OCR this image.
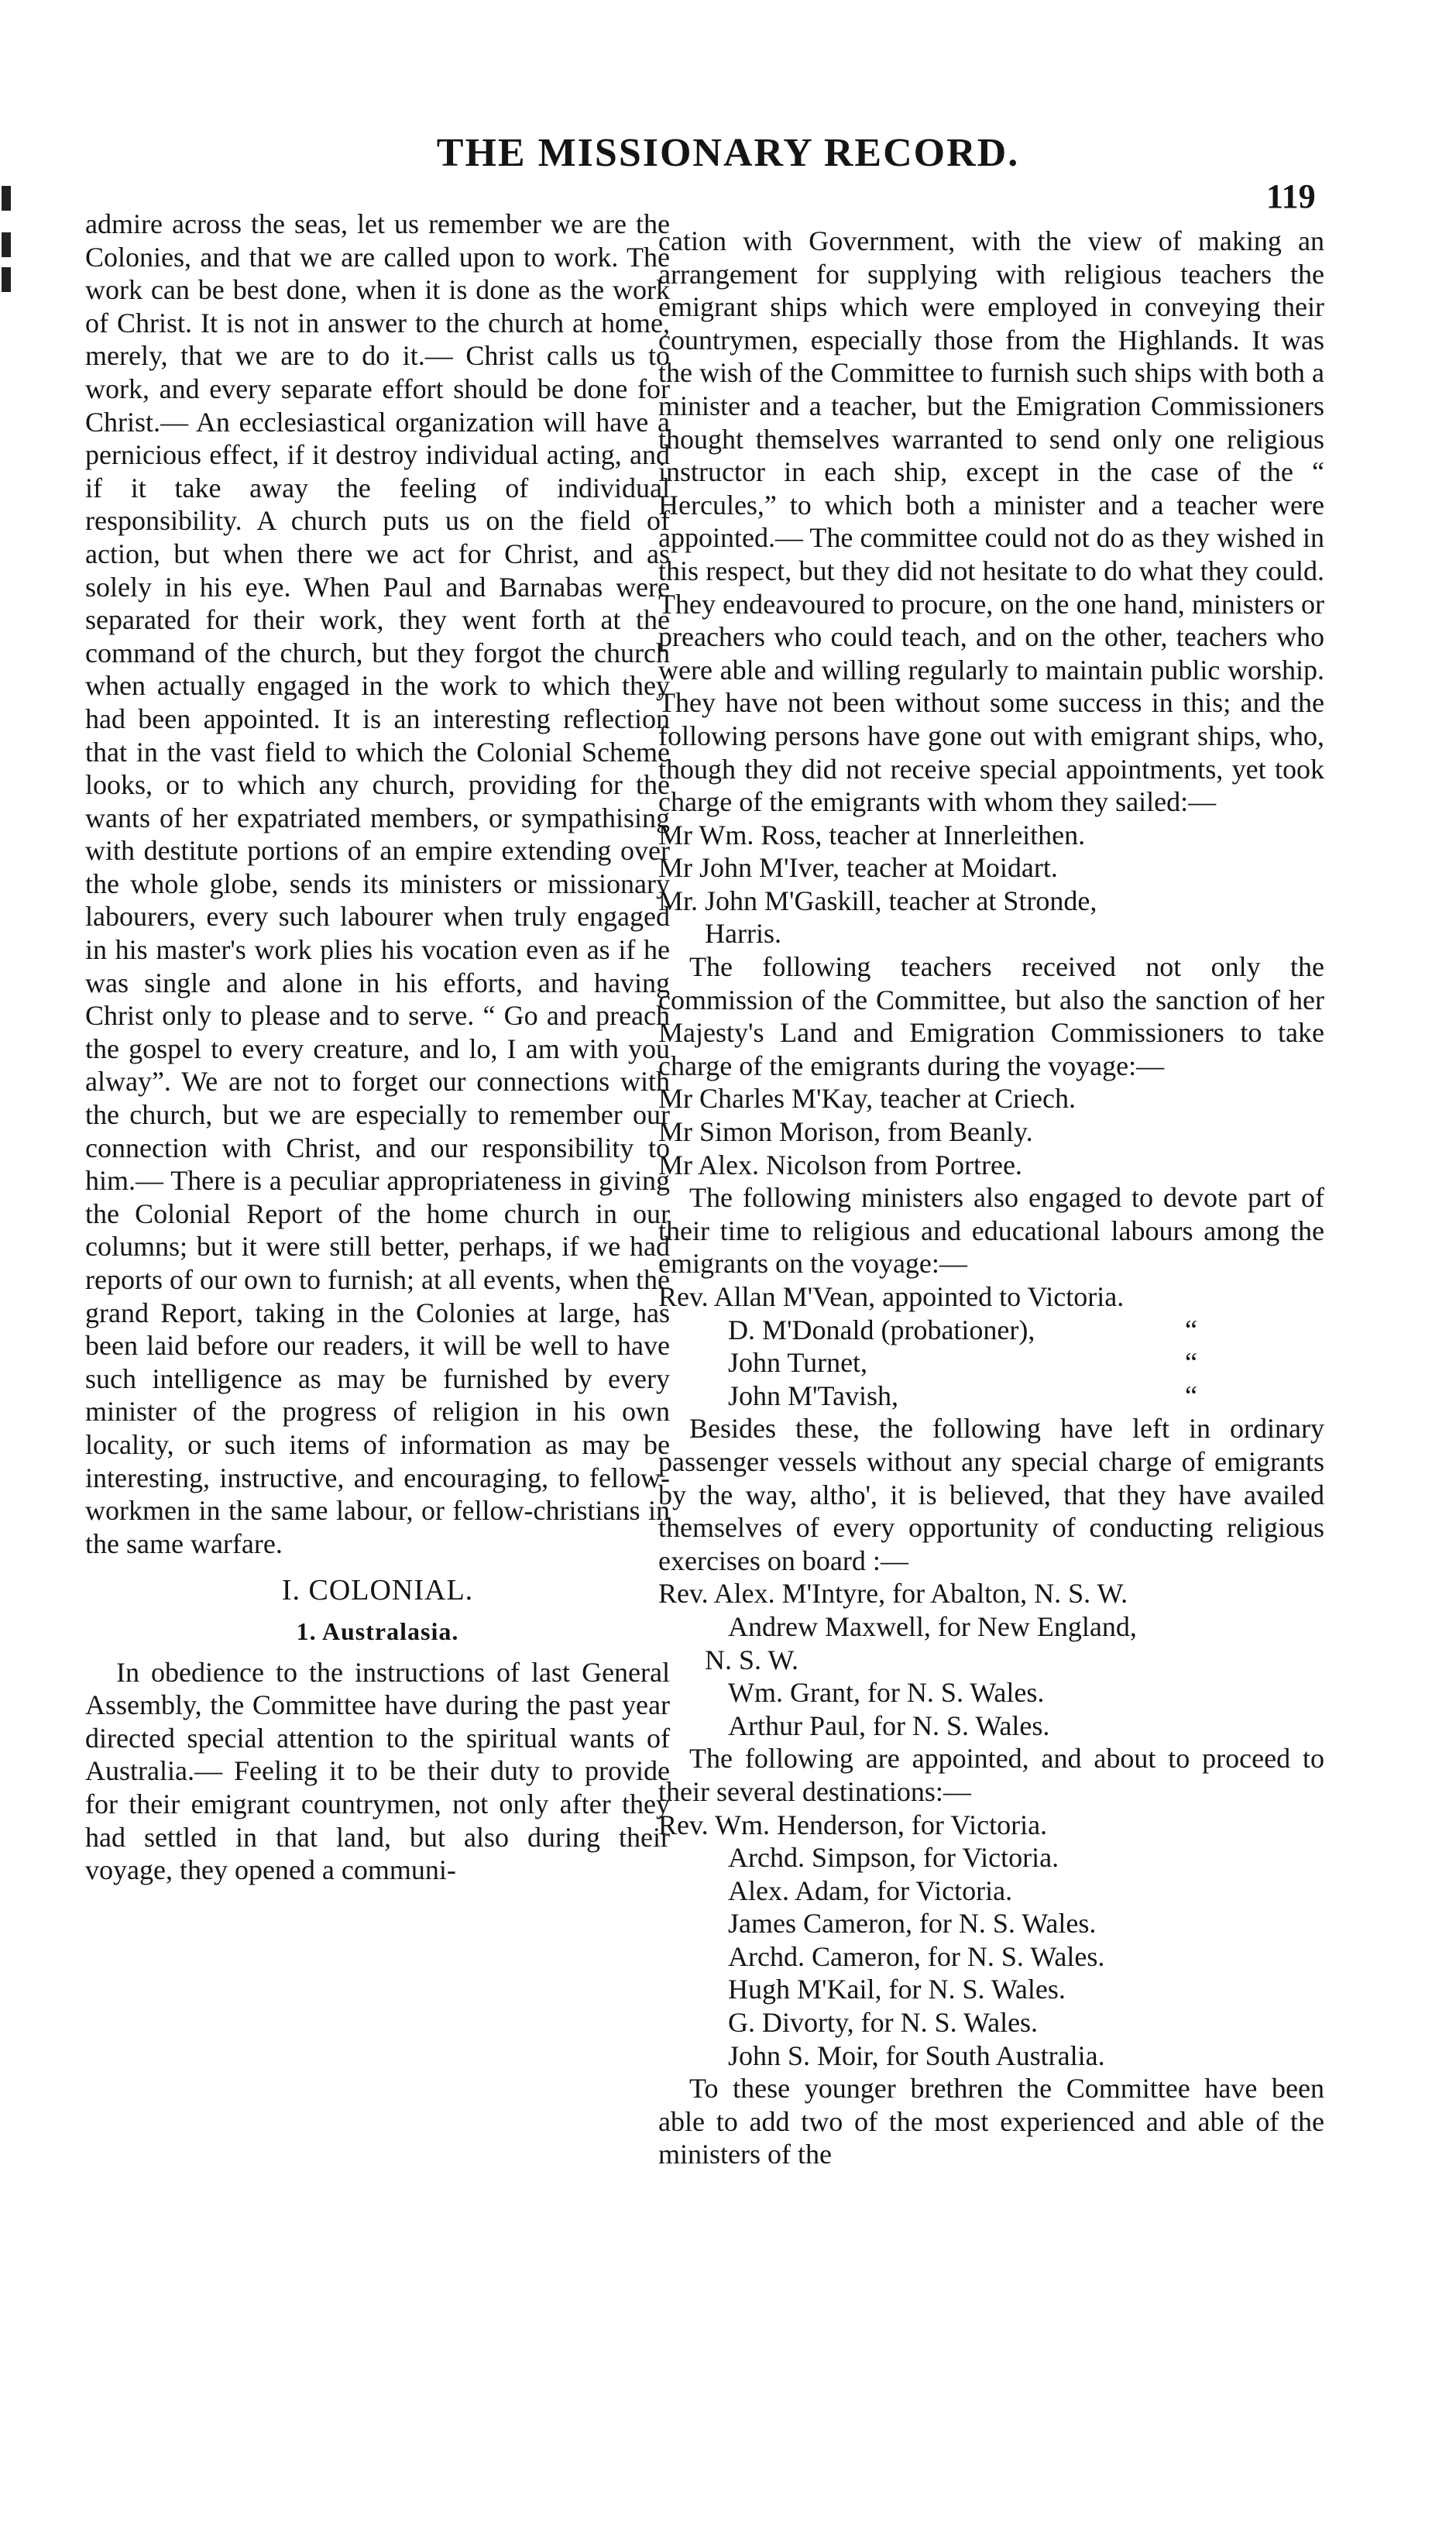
THE MISSIONARY RECORD.
119

admire across the seas, let us remember we are the Colonies, and that we are called upon to work. The work can be best done, when it is done as the work of Christ. It is not in answer to the church at home, merely, that we are to do it.— Christ calls us to work, and every separate effort should be done for Christ.— An ecclesiastical organization will have a pernicious effect, if it destroy individual acting, and if it take away the feeling of individual responsibility. A church puts us on the field of action, but when there we act for Christ, and as solely in his eye. When Paul and Barnabas were separated for their work, they went forth at the command of the church, but they forgot the church when actually engaged in the work to which they had been appointed. It is an interesting reflection that in the vast field to which the Colonial Scheme looks, or to which any church, providing for the wants of her expatriated members, or sympathising with destitute portions of an empire extending over the whole globe, sends its ministers or missionary labourers, every such labourer when truly engaged in his master's work plies his vocation even as if he was single and alone in his efforts, and having Christ only to please and to serve. “ Go and preach the gospel to every creature, and lo, I am with you alway”. We are not to forget our connections with the church, but we are especially to remember our connection with Christ, and our responsibility to him.— There is a peculiar appropriateness in giving the Colonial Report of the home church in our columns; but it were still better, perhaps, if we had reports of our own to furnish; at all events, when the grand Report, taking in the Colonies at large, has been laid before our readers, it will be well to have such intelligence as may be furnished by every minister of the progress of religion in his own locality, or such items of information as may be interesting, instructive, and encouraging, to fellow-workmen in the same labour, or fellow-christians in the same warfare.

I. COLONIAL.
1. Australasia.

In obedience to the instructions of last General Assembly, the Committee have during the past year directed special attention to the spiritual wants of Australia.— Feeling it to be their duty to provide for their emigrant countrymen, not only after they had settled in that land, but also during their voyage, they opened a communi-

cation with Government, with the view of making an arrangement for supplying with religious teachers the emigrant ships which were employed in conveying their countrymen, especially those from the Highlands. It was the wish of the Committee to furnish such ships with both a minister and a teacher, but the Emigration Commissioners thought themselves warranted to send only one religious instructor in each ship, except in the case of the “ Hercules,” to which both a minister and a teacher were appointed.— The committee could not do as they wished in this respect, but they did not hesitate to do what they could. They endeavoured to procure, on the one hand, ministers or preachers who could teach, and on the other, teachers who were able and willing regularly to maintain public worship. They have not been without some success in this; and the following persons have gone out with emigrant ships, who, though they did not receive special appointments, yet took charge of the emigrants with whom they sailed:—

Mr Wm. Ross, teacher at Innerleithen.
Mr John M'Iver, teacher at Moidart.
Mr. John M'Gaskill, teacher at Stronde,
Harris.

The following teachers received not only the commission of the Committee, but also the sanction of her Majesty's Land and Emigration Commissioners to take charge of the emigrants during the voyage:—

Mr Charles M'Kay, teacher at Criech.
Mr Simon Morison, from Beanly.
Mr Alex. Nicolson from Portree.

The following ministers also engaged to devote part of their time to religious and educational labours among the emigrants on the voyage:—

Rev. Allan M'Vean, appointed to Victoria.
D. M'Donald (probationer),	“
John Turnet,	“
John M'Tavish,	“

Besides these, the following have left in ordinary passenger vessels without any special charge of emigrants by the way, altho', it is believed, that they have availed themselves of every opportunity of conducting religious exercises on board :—

Rev. Alex. M'Intyre, for Abalton, N. S. W.
Andrew Maxwell, for New England,
N. S. W.
Wm. Grant, for N. S. Wales.
Arthur Paul, for N. S. Wales.

The following are appointed, and about to proceed to their several destinations:—

Rev. Wm. Henderson, for Victoria.
Archd. Simpson, for Victoria.
Alex. Adam, for Victoria.
James Cameron, for N. S. Wales.
Archd. Cameron, for N. S. Wales.
Hugh M'Kail, for N. S. Wales.
G. Divorty, for N. S. Wales.
John S. Moir, for South Australia.

To these younger brethren the Committee have been able to add two of the most experienced and able of the ministers of the
